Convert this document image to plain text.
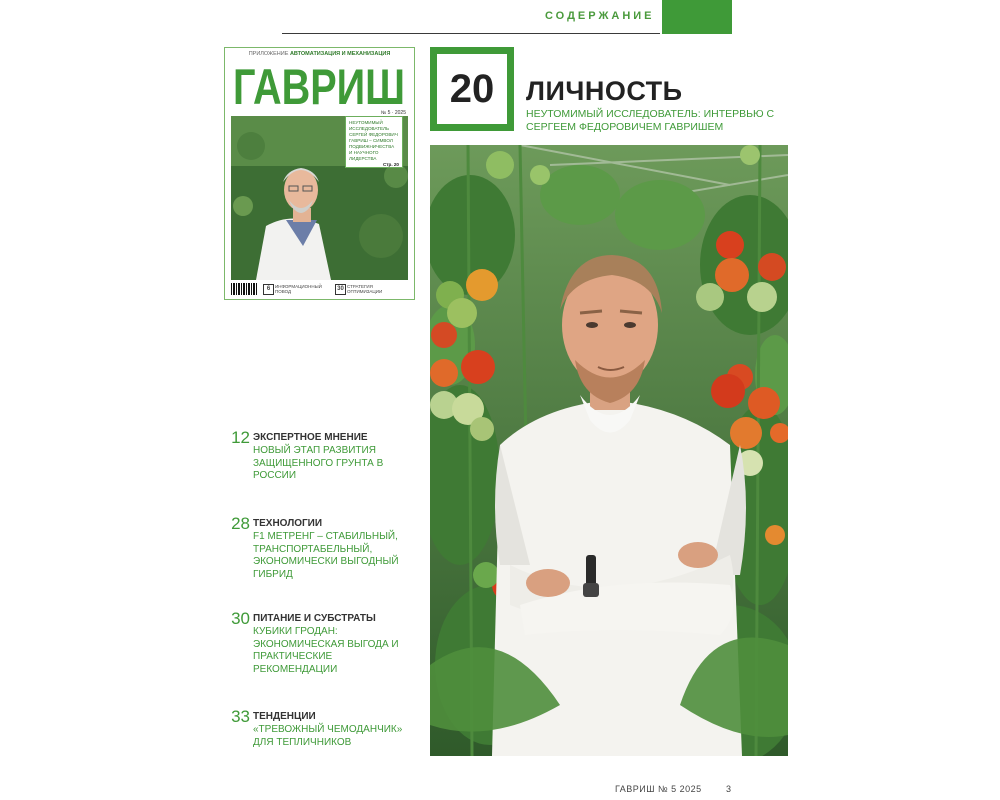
СОДЕРЖАНИЕ
ПРИЛОЖЕНИЕ АВТОМАТИЗАЦИЯ И МЕХАНИЗАЦИЯ
ГАВРИШ
№ 5 · 2025
НЕУТОМИМЫЙ
ИССЛЕДОВАТЕЛЬ
СЕРГЕЙ ФЕДОРОВИЧ
ГАВРИШ – СИМВОЛ
ПОДВИЖНИЧЕСТВА
И НАУЧНОГО
ЛИДЕРСТВА
Стр. 20
6	ИНФОРМАЦИОННЫЙ ПОВОД	30 СТРАТЕГИЯ ОПТИМИЗАЦИИ
20	ЛИЧНОСТЬ
НЕУТОМИМЫЙ ИССЛЕДОВАТЕЛЬ: ИНТЕРВЬЮ С СЕРГЕЕМ ФЕДОРОВИЧЕМ ГАВРИШЕМ
12 ЭКСПЕРТНОЕ МНЕНИЕ
НОВЫЙ ЭТАП РАЗВИТИЯ ЗАЩИЩЕННОГО ГРУНТА В РОССИИ
28 ТЕХНОЛОГИИ
F1 МЕТРЕНГ – СТАБИЛЬНЫЙ, ТРАНСПОРТАБЕЛЬНЫЙ, ЭКОНОМИЧЕСКИ ВЫГОДНЫЙ ГИБРИД
30 ПИТАНИЕ И СУБСТРАТЫ
КУБИКИ ГРОДАН: ЭКОНОМИЧЕСКАЯ ВЫГОДА И ПРАКТИЧЕСКИЕ РЕКОМЕНДАЦИИ
33 ТЕНДЕНЦИИ
«ТРЕВОЖНЫЙ ЧЕМОДАНЧИК» ДЛЯ ТЕПЛИЧНИКОВ
ГАВРИШ № 5 2025	3
